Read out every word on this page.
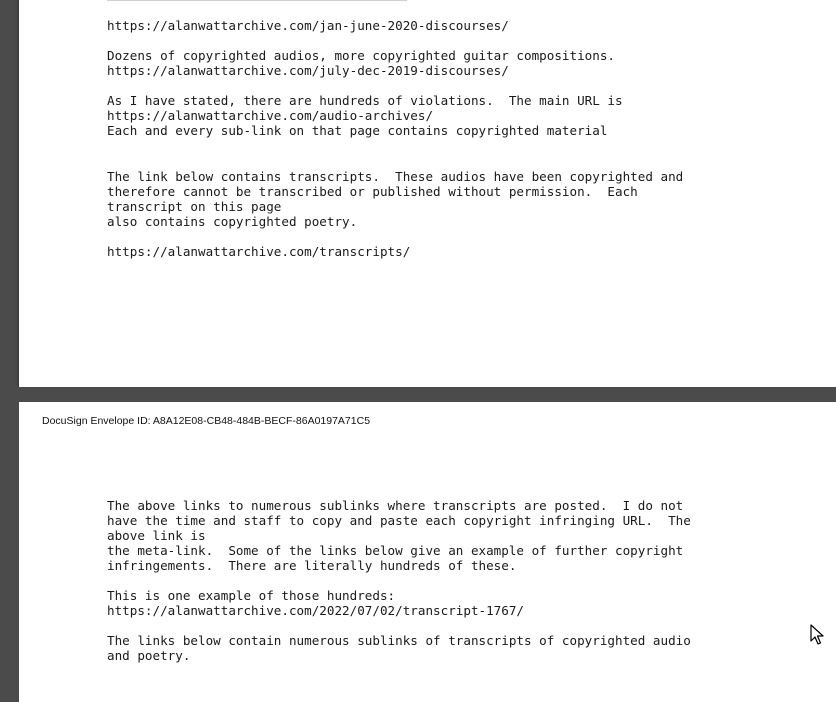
https://alanwattarchive.com/jan-june-2020-discourses/
Dozens of copyrighted audios, more copyrighted guitar compositions.
https://alanwattarchive.com/july-dec-2019-discourses/
As I have stated, there are hundreds of violations.  The main URL is
https://alanwattarchive.com/audio-archives/
Each and every sub-link on that page contains copyrighted material
The link below contains transcripts.  These audios have been copyrighted and
therefore cannot be transcribed or published without permission.  Each
transcript on this page
also contains copyrighted poetry.
https://alanwattarchive.com/transcripts/
DocuSign Envelope ID: A8A12E08-CB48-484B-BECF-86A0197A71C5
The above links to numerous sublinks where transcripts are posted.  I do not
have the time and staff to copy and paste each copyright infringing URL.  The
above link is
the meta-link.  Some of the links below give an example of further copyright
infringements.  There are literally hundreds of these.
This is one example of those hundreds:
https://alanwattarchive.com/2022/07/02/transcript-1767/
The links below contain numerous sublinks of transcripts of copyrighted audio
and poetry.
